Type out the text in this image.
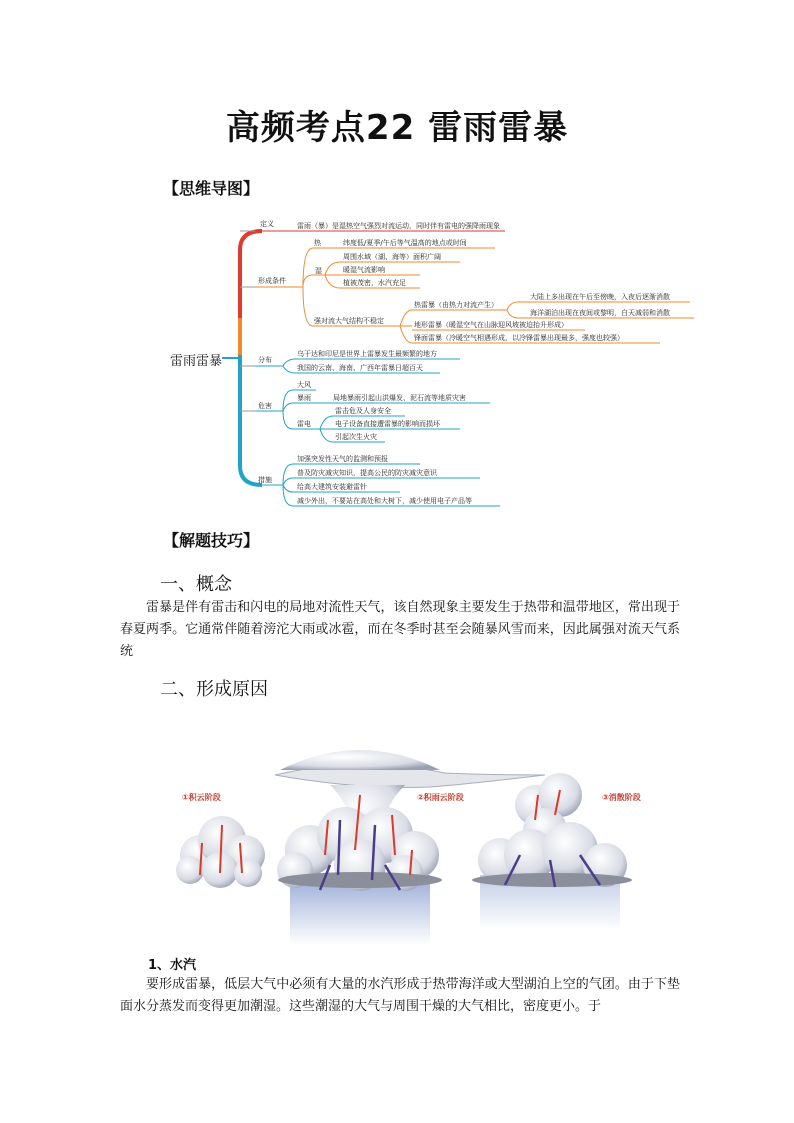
高频考点22 雷雨雷暴
【思维导图】
雷雨雷暴
定义	雷雨（暴）是湿热空气强烈对流运动，同时伴有雷电的强降雨现象
形成条件
热	纬度低/夏季/午后等气温高的地点或时间
湿
周围水域（湖、海等）面积广阔
暖湿气流影响
植被茂密，水汽充足
强对流大气结构不稳定
热雷暴（由热力对流产生）
大陆上多出现在午后至傍晚，入夜后逐渐消散
海洋湖泊出现在夜间或黎明，白天减弱和消散
地形雷暴（暖湿空气在山脉迎风坡被迫抬升形成）
锋面雷暴（冷暖空气相遇形成，以冷锋雷暴出现最多，强度也较强）
分布
乌干达和印尼是世界上雷暴发生最频繁的地方
我国的云南、海南、广西年雷暴日超百天
危害
大风
暴雨	局地暴雨引起山洪爆发、泥石流等地质灾害
雷电
雷击危及人身安全
电子设备直接遭雷暴的影响而损坏
引起次生火灾
措施
加强突发性天气的监测和预报
普及防灾减灾知识，提高公民的防灾减灾意识
给高大建筑安装避雷针
减少外出，不要站在高处和大树下，减少使用电子产品等
【解题技巧】
一、概念
雷暴是伴有雷击和闪电的局地对流性天气，该自然现象主要发生于热带和温带地区，常出现于春夏两季。它通常伴随着滂沱大雨或冰雹，而在冬季时甚至会随暴风雪而来，因此属强对流天气系统
二、形成原因
①积云阶段	②积雨云阶段	③消散阶段
1、水汽
要形成雷暴，低层大气中必须有大量的水汽形成于热带海洋或大型湖泊上空的气团。由于下垫面水分蒸发而变得更加潮湿。这些潮湿的大气与周围干燥的大气相比，密度更小。于
